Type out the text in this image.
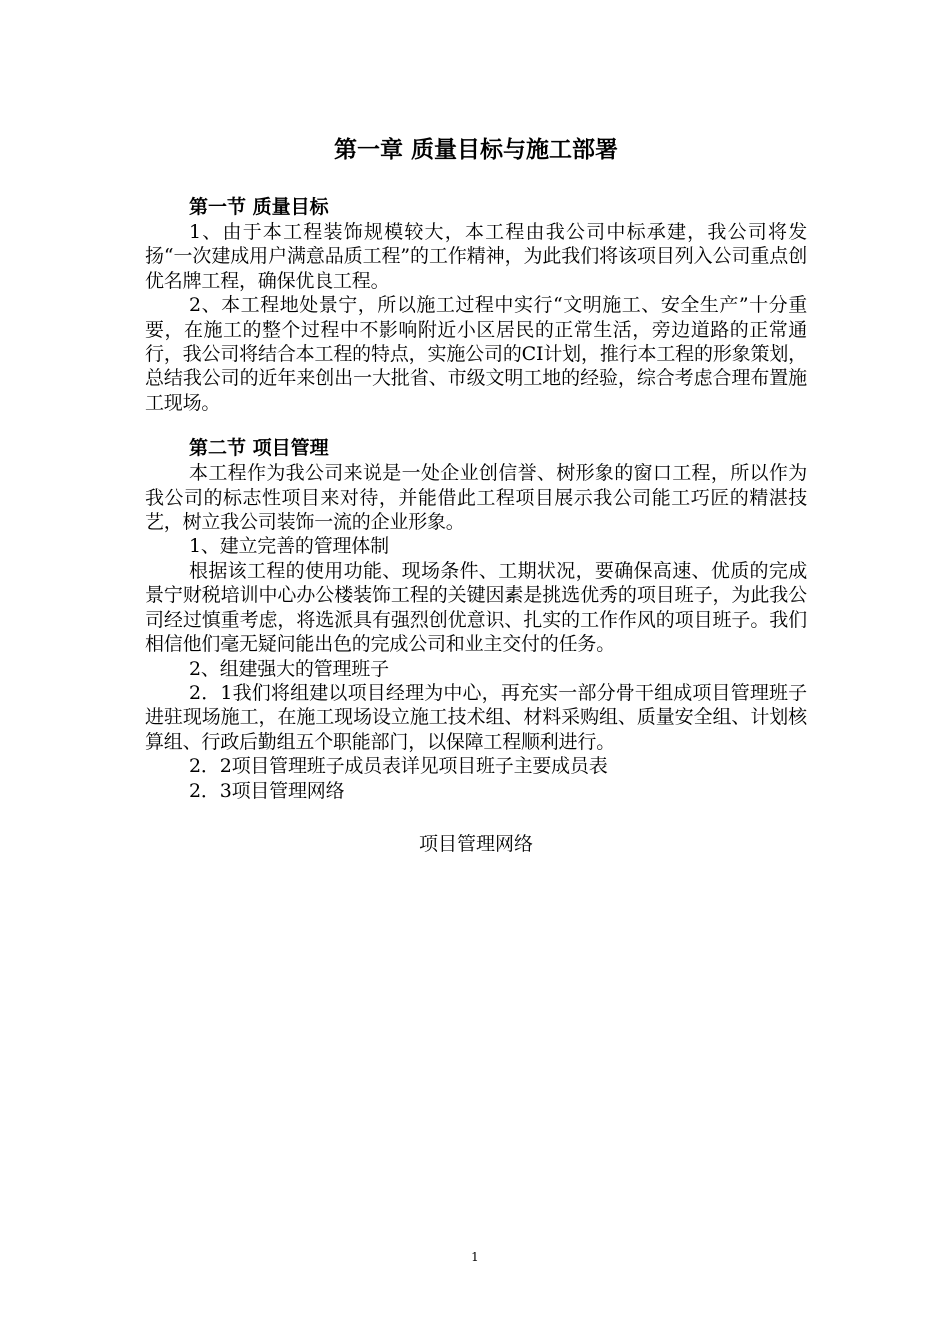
第一章 质量目标与施工部署
第一节 质量目标

1、由于本工程装饰规模较大，本工程由我公司中标承建，我公司将发扬“一次建成用户满意品质工程”的工作精神，为此我们将该项目列入公司重点创优名牌工程，确保优良工程。

2、本工程地处景宁，所以施工过程中实行“文明施工、安全生产”十分重要，在施工的整个过程中不影响附近小区居民的正常生活，旁边道路的正常通行，我公司将结合本工程的特点，实施公司的CI计划，推行本工程的形象策划，总结我公司的近年来创出一大批省、市级文明工地的经验，综合考虑合理布置施工现场。

第二节 项目管理

本工程作为我公司来说是一处企业创信誉、树形象的窗口工程，所以作为我公司的标志性项目来对待，并能借此工程项目展示我公司能工巧匠的精湛技艺，树立我公司装饰一流的企业形象。

1、建立完善的管理体制

根据该工程的使用功能、现场条件、工期状况，要确保高速、优质的完成景宁财税培训中心办公楼装饰工程的关键因素是挑选优秀的项目班子，为此我公司经过慎重考虑，将选派具有强烈创优意识、扎实的工作作风的项目班子。我们相信他们毫无疑问能出色的完成公司和业主交付的任务。

2、组建强大的管理班子

2．1我们将组建以项目经理为中心，再充实一部分骨干组成项目管理班子进驻现场施工，在施工现场设立施工技术组、材料采购组、质量安全组、计划核算组、行政后勤组五个职能部门，以保障工程顺利进行。

2．2项目管理班子成员表详见项目班子主要成员表

2．3项目管理网络

项目管理网络

1
